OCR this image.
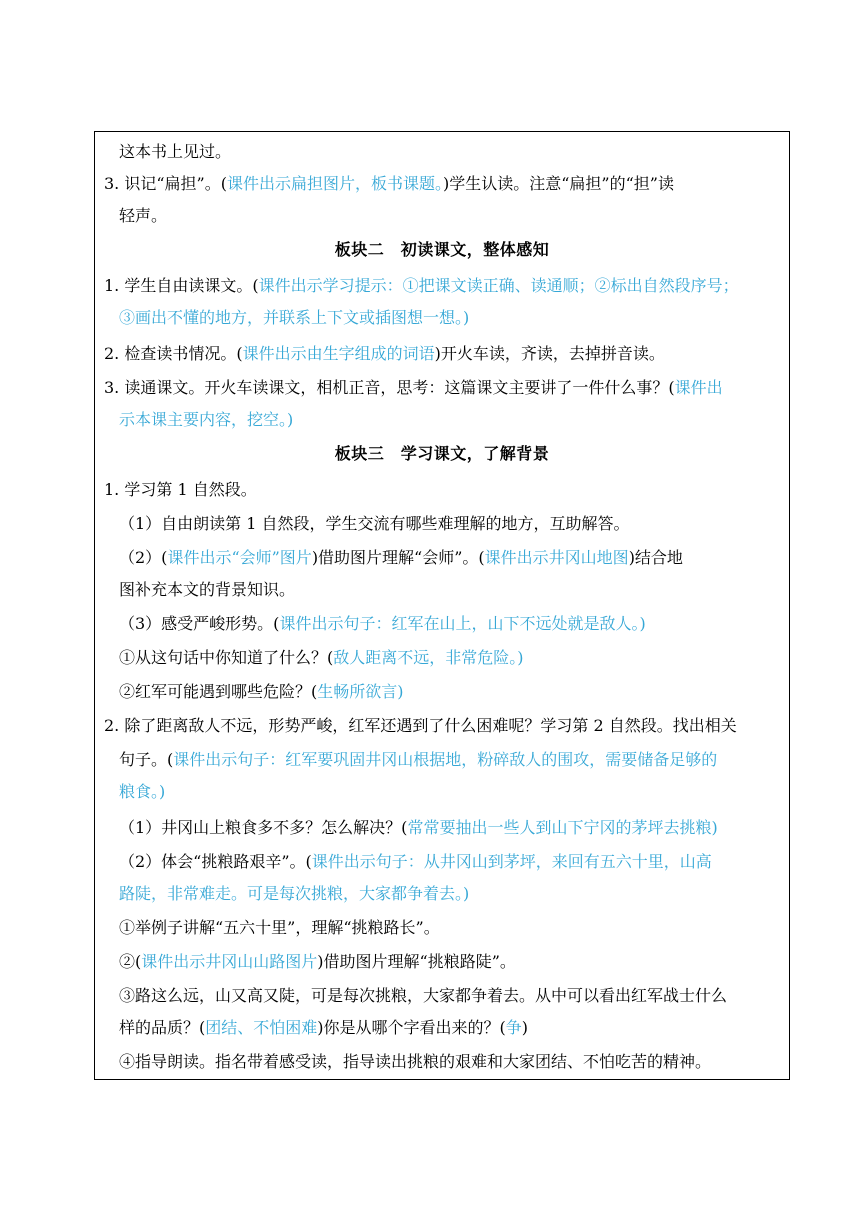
这本书上见过。
3. 识记“扁担”。(课件出示扁担图片，板书课题。)学生认读。注意“扁担”的“担”读
轻声。
板块二　初读课文，整体感知
1. 学生自由读课文。(课件出示学习提示：①把课文读正确、读通顺；②标出自然段序号；
③画出不懂的地方，并联系上下文或插图想一想。)
2. 检查读书情况。(课件出示由生字组成的词语)开火车读，齐读，去掉拼音读。
3. 读通课文。开火车读课文，相机正音，思考：这篇课文主要讲了一件什么事？(课件出
示本课主要内容，挖空。)
板块三　学习课文，了解背景
1. 学习第 1 自然段。
（1）自由朗读第 1 自然段，学生交流有哪些难理解的地方，互助解答。
（2）(课件出示“会师”图片)借助图片理解“会师”。(课件出示井冈山地图)结合地
图补充本文的背景知识。
（3）感受严峻形势。(课件出示句子：红军在山上，山下不远处就是敌人。)
①从这句话中你知道了什么？(敌人距离不远，非常危险。)
②红军可能遇到哪些危险？(生畅所欲言)
2. 除了距离敌人不远，形势严峻，红军还遇到了什么困难呢？学习第 2 自然段。找出相关
句子。(课件出示句子：红军要巩固井冈山根据地，粉碎敌人的围攻，需要储备足够的
粮食。)
（1）井冈山上粮食多不多？怎么解决？(常常要抽出一些人到山下宁冈的茅坪去挑粮)
（2）体会“挑粮路艰辛”。(课件出示句子：从井冈山到茅坪，来回有五六十里，山高
路陡，非常难走。可是每次挑粮，大家都争着去。)
①举例子讲解“五六十里”，理解“挑粮路长”。
②(课件出示井冈山山路图片)借助图片理解“挑粮路陡”。
③路这么远，山又高又陡，可是每次挑粮，大家都争着去。从中可以看出红军战士什么
样的品质？(团结、不怕困难)你是从哪个字看出来的？(争)
④指导朗读。指名带着感受读，指导读出挑粮的艰难和大家团结、不怕吃苦的精神。
